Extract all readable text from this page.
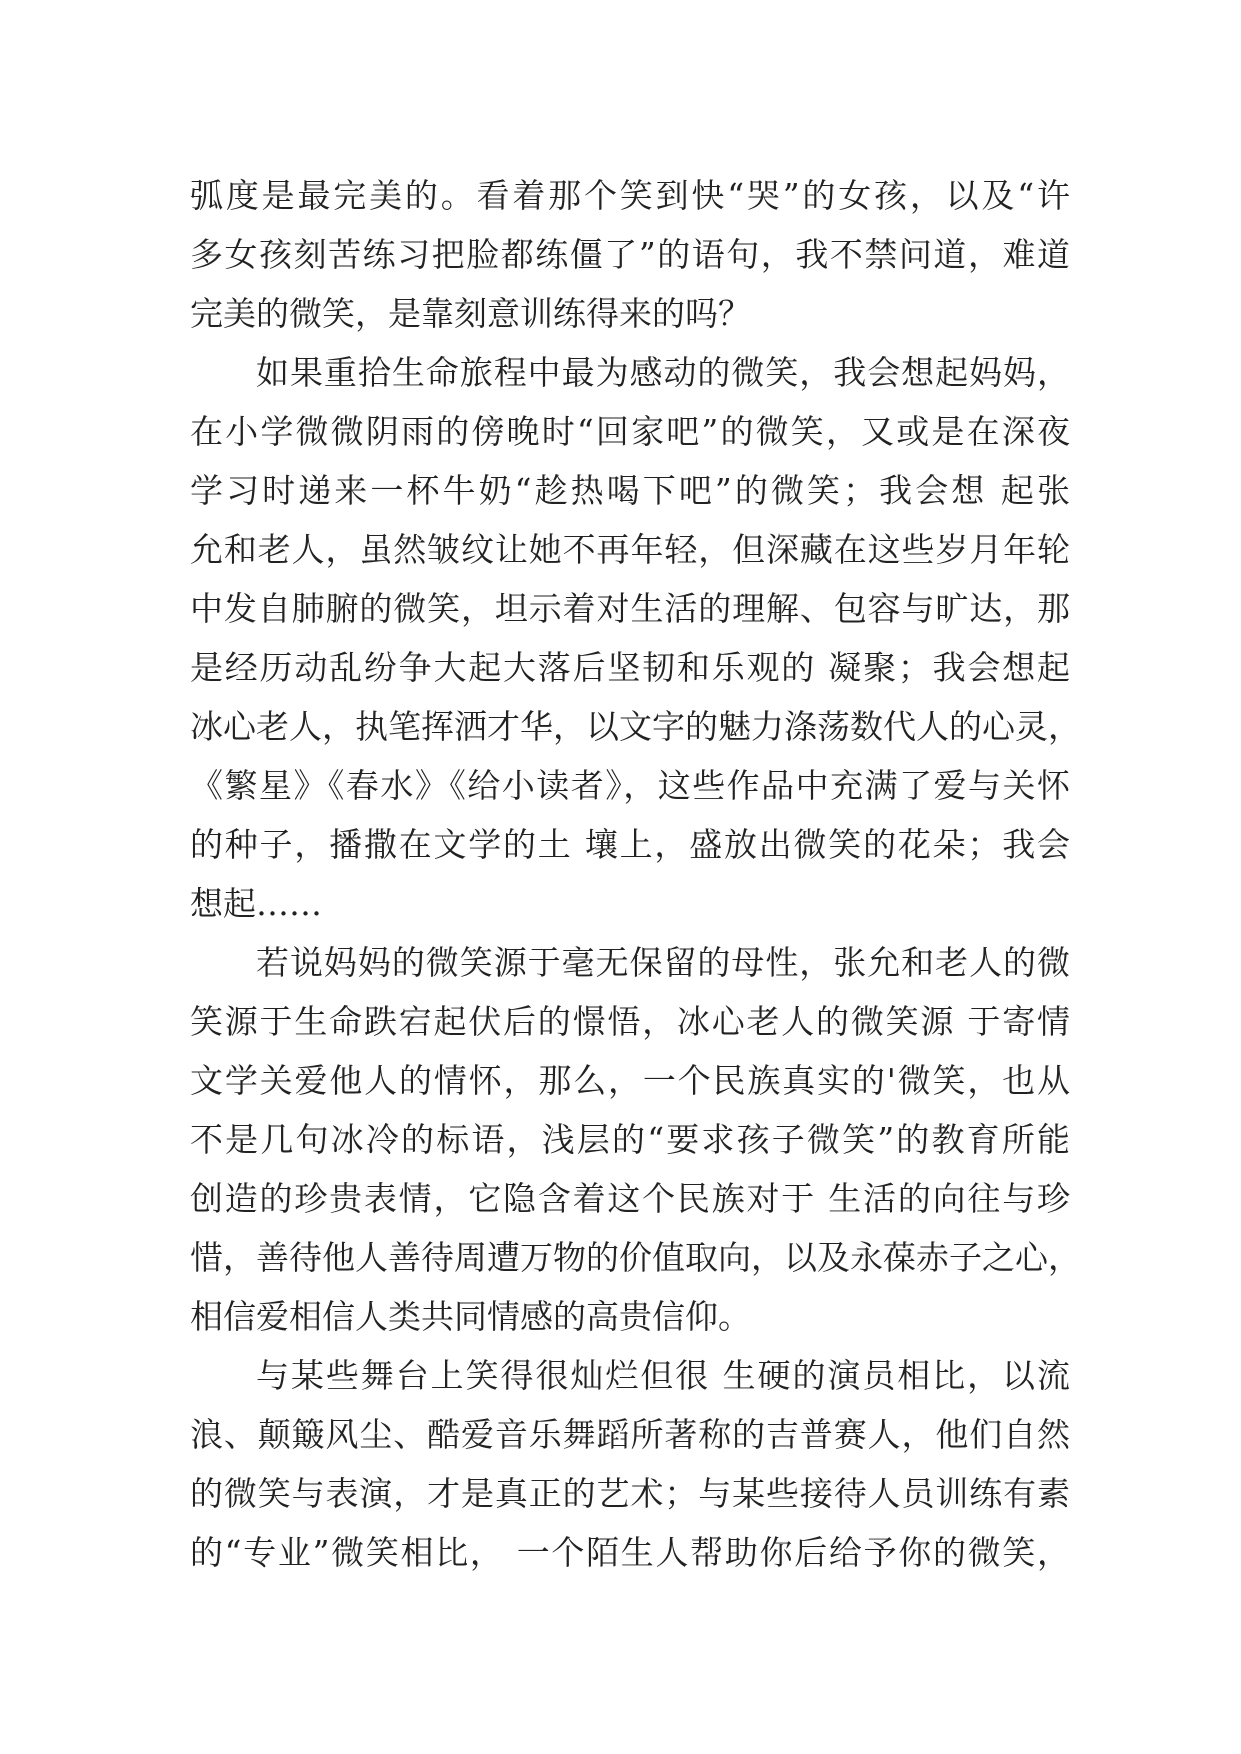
弧度是最完美的。看着那个笑到快“哭”的女孩，以及“许
多女孩刻苦练习把脸都练僵了”的语句，我不禁问道，难道
完美的微笑，是靠刻意训练得来的吗？
如果重拾生命旅程中最为感动的微笑，我会想起妈妈，
在小学微微阴雨的傍晚时“回家吧”的微笑，又或是在深夜
学习时递来一杯牛奶“趁热喝下吧”的微笑；我会想 起张
允和老人，虽然皱纹让她不再年轻，但深藏在这些岁月年轮
中发自肺腑的微笑，坦示着对生活的理解、包容与旷达，那
是经历动乱纷争大起大落后坚韧和乐观的 凝聚；我会想起
冰心老人，执笔挥洒才华，以文字的魅力涤荡数代人的心灵，
《繁星》《春水》《给小读者》，这些作品中充满了爱与关怀
的种子，播撒在文学的土 壤上，盛放出微笑的花朵；我会
想起……
若说妈妈的微笑源于毫无保留的母性，张允和老人的微
笑源于生命跌宕起伏后的憬悟，冰心老人的微笑源 于寄情
文学关爱他人的情怀，那么，一个民族真实的'微笑，也从
不是几句冰冷的标语，浅层的“要求孩子微笑”的教育所能
创造的珍贵表情，它隐含着这个民族对于 生活的向往与珍
惜，善待他人善待周遭万物的价值取向，以及永葆赤子之心，
相信爱相信人类共同情感的高贵信仰。
与某些舞台上笑得很灿烂但很 生硬的演员相比，以流
浪、颠簸风尘、酷爱音乐舞蹈所著称的吉普赛人，他们自然
的微笑与表演，才是真正的艺术；与某些接待人员训练有素
的“专业”微笑相比， 一个陌生人帮助你后给予你的微笑，
